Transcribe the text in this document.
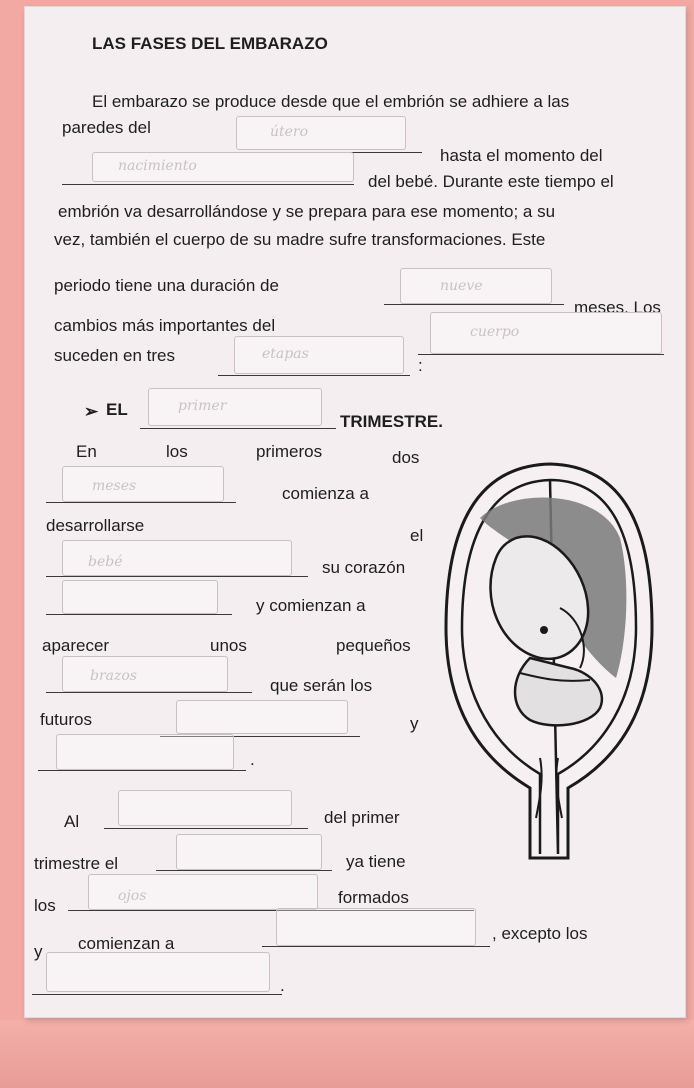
LAS FASES DEL EMBARAZO
El embarazo se produce desde que el embrión se adhiere a las
paredes del	útero
hasta el momento del
nacimiento
del bebé. Durante este tiempo el
embrión va desarrollándose y se prepara para ese momento; a su
vez, también el cuerpo de su madre sufre transformaciones. Este
periodo tiene una duración de	nueve
meses. Los
cambios más importantes del	cuerpo
suceden en tres	etapas
:
➢ EL	primer
TRIMESTRE.
En	los	primeros	dos
meses	comienza a
desarrollarse
el
bebé	su corazón
y comienzan a
aparecer	unos	pequeños
brazos	que serán los
futuros	y
.
Al	del primer
trimestre el	ya tiene
los	ojos	formados
y comienzan a
, excepto los
.
